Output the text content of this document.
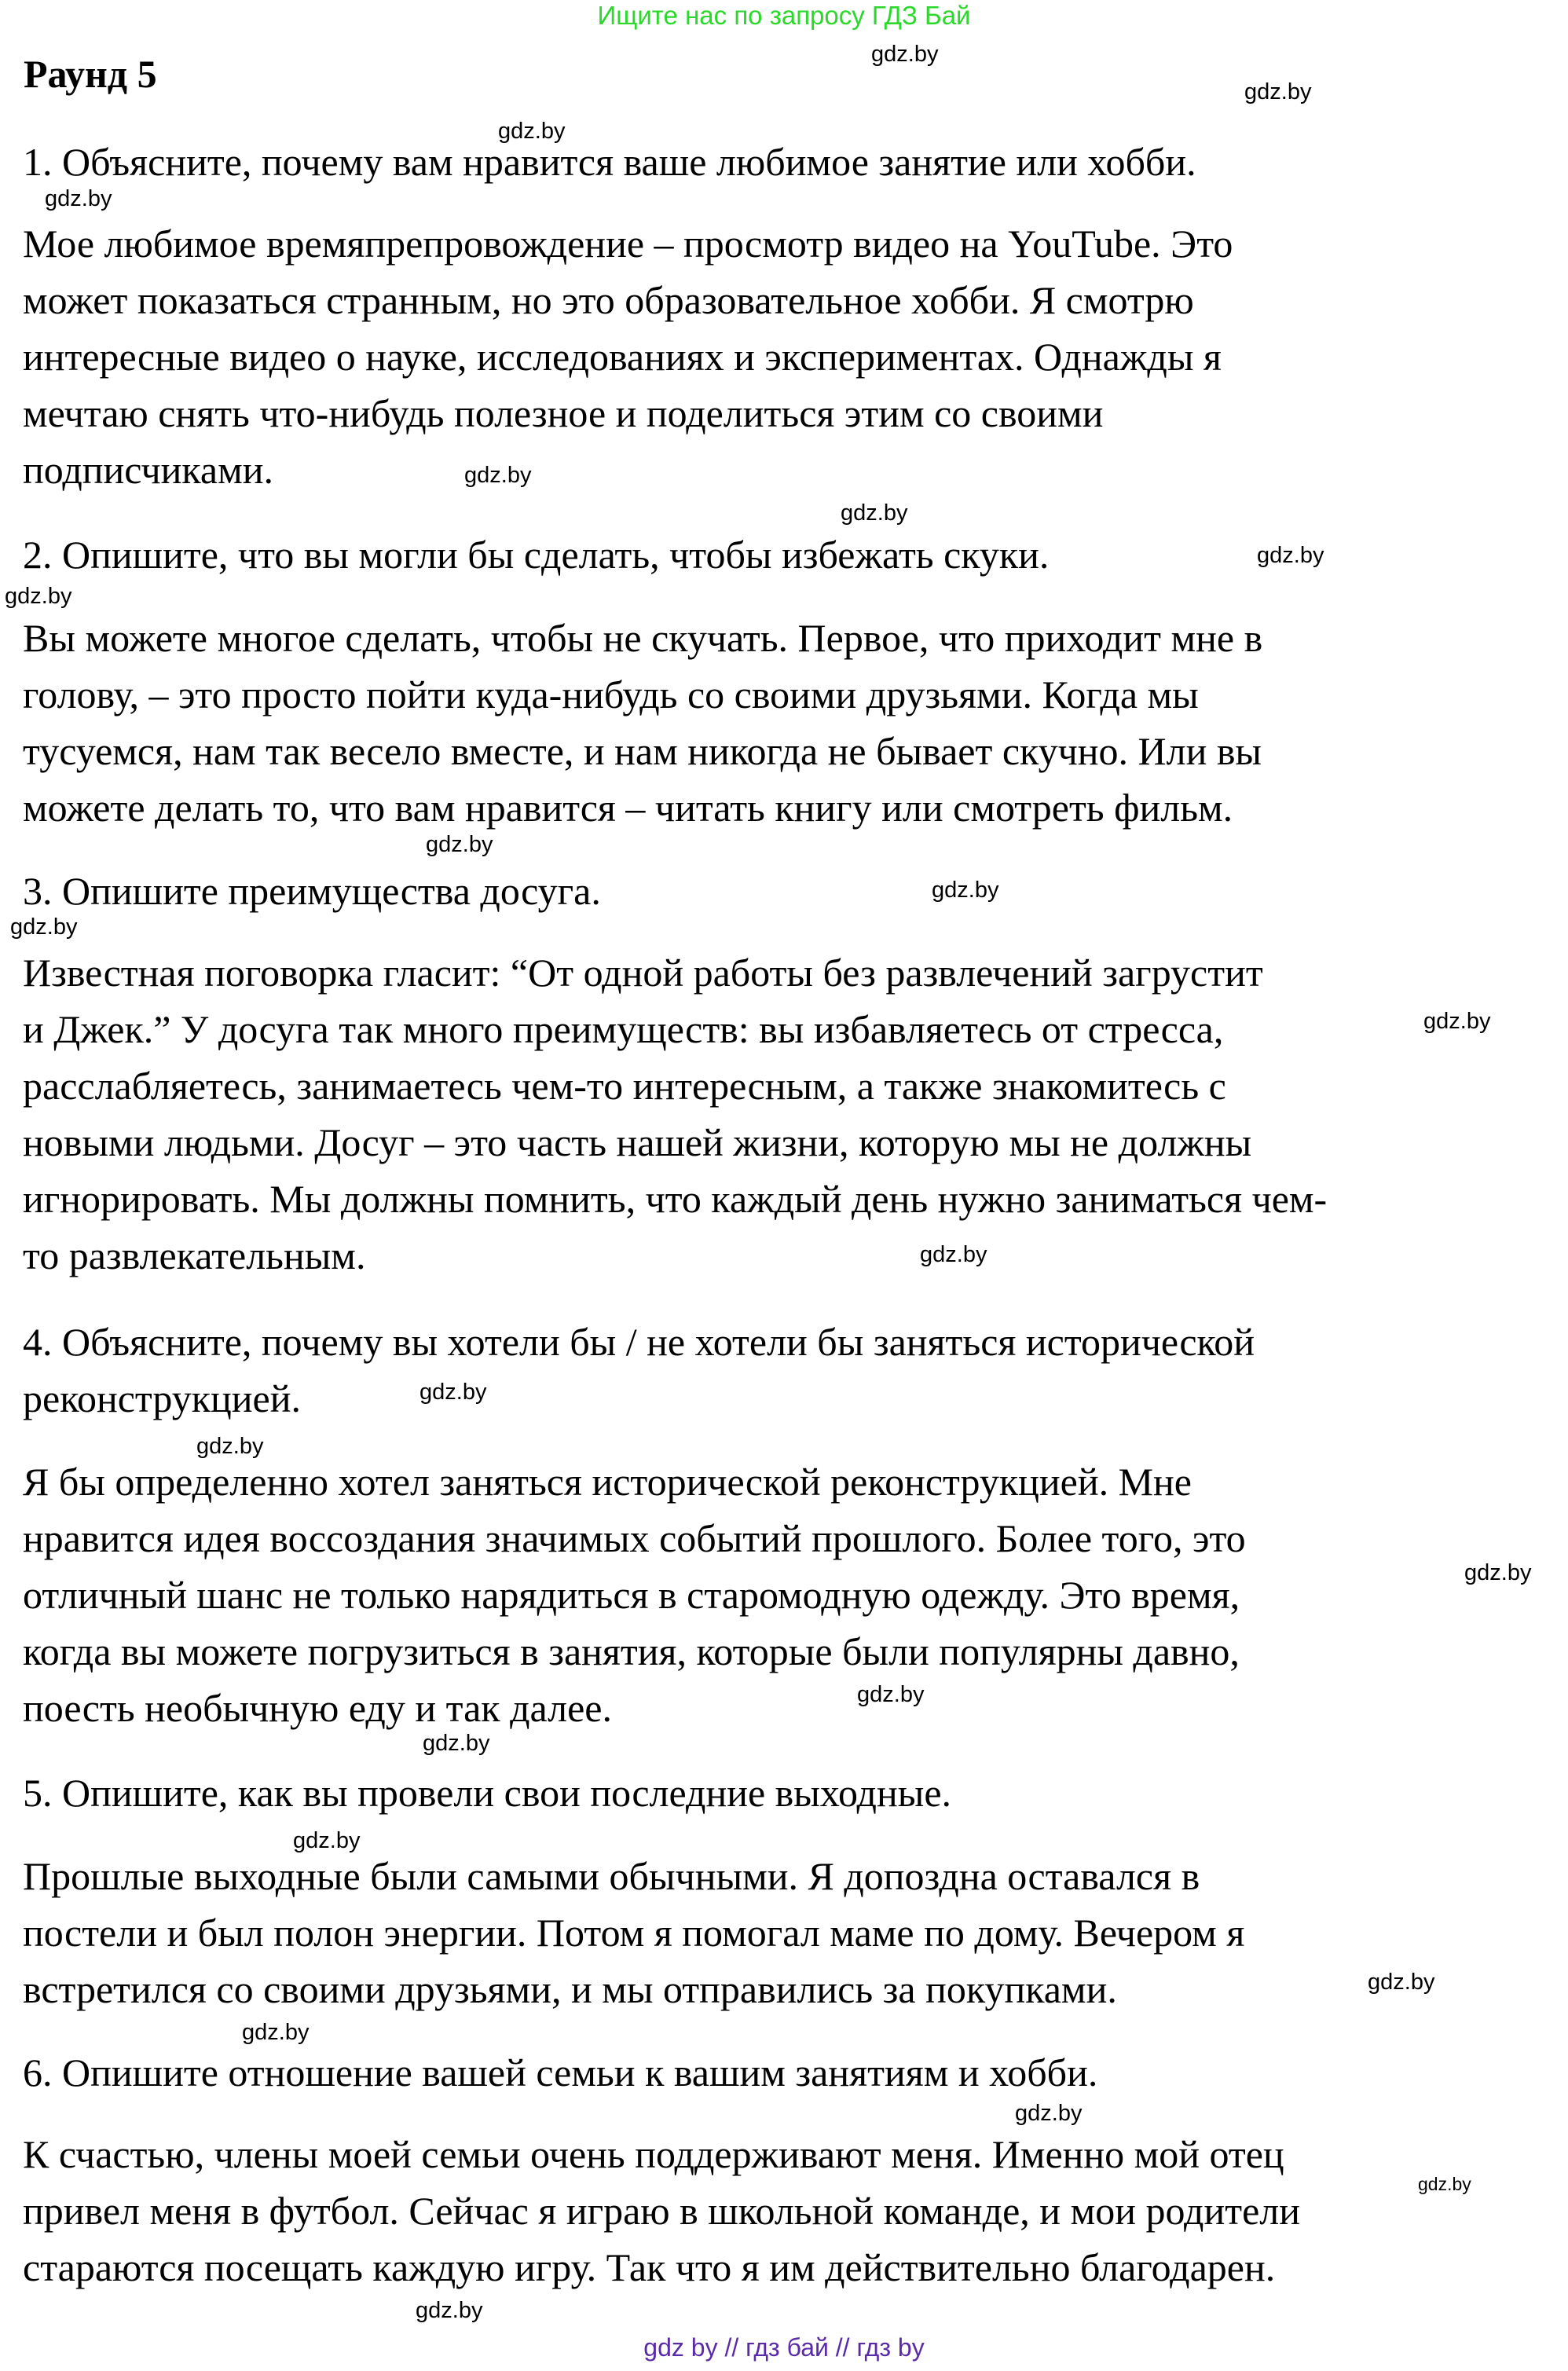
Ищите нас по запросу ГДЗ Бай
Раунд 5
1. Объясните, почему вам нравится ваше любимое занятие или хобби.
Мое любимое времяпрепровождение – просмотр видео на YouTube. Это
может показаться странным, но это образовательное хобби. Я смотрю
интересные видео о науке, исследованиях и экспериментах. Однажды я
мечтаю снять что-нибудь полезное и поделиться этим со своими
подписчиками.
2. Опишите, что вы могли бы сделать, чтобы избежать скуки.
Вы можете многое сделать, чтобы не скучать. Первое, что приходит мне в
голову, – это просто пойти куда-нибудь со своими друзьями. Когда мы
тусуемся, нам так весело вместе, и нам никогда не бывает скучно. Или вы
можете делать то, что вам нравится – читать книгу или смотреть фильм.
3. Опишите преимущества досуга.
Известная поговорка гласит: “От одной работы без развлечений загрустит
и Джек.” У досуга так много преимуществ: вы избавляетесь от стресса,
расслабляетесь, занимаетесь чем-то интересным, а также знакомитесь с
новыми людьми. Досуг – это часть нашей жизни, которую мы не должны
игнорировать. Мы должны помнить, что каждый день нужно заниматься чем-
то развлекательным.
4. Объясните, почему вы хотели бы / не хотели бы заняться исторической
реконструкцией.
Я бы определенно хотел заняться исторической реконструкцией. Мне
нравится идея воссоздания значимых событий прошлого. Более того, это
отличный шанс не только нарядиться в старомодную одежду. Это время,
когда вы можете погрузиться в занятия, которые были популярны давно,
поесть необычную еду и так далее.
5. Опишите, как вы провели свои последние выходные.
Прошлые выходные были самыми обычными. Я допоздна оставался в
постели и был полон энергии. Потом я помогал маме по дому. Вечером я
встретился со своими друзьями, и мы отправились за покупками.
6. Опишите отношение вашей семьи к вашим занятиям и хобби.
К счастью, члены моей семьи очень поддерживают меня. Именно мой отец
привел меня в футбол. Сейчас я играю в школьной команде, и мои родители
стараются посещать каждую игру. Так что я им действительно благодарен.
gdz.by
gdz.by
gdz.by
gdz.by
gdz.by
gdz.by
gdz.by
gdz.by
gdz.by
gdz.by
gdz.by
gdz.by
gdz.by
gdz.by
gdz.by
gdz.by
gdz.by
gdz.by
gdz.by
gdz.by
gdz.by
gdz.by
gdz.by
gdz.by
gdz by // гдз бай // гдз by
